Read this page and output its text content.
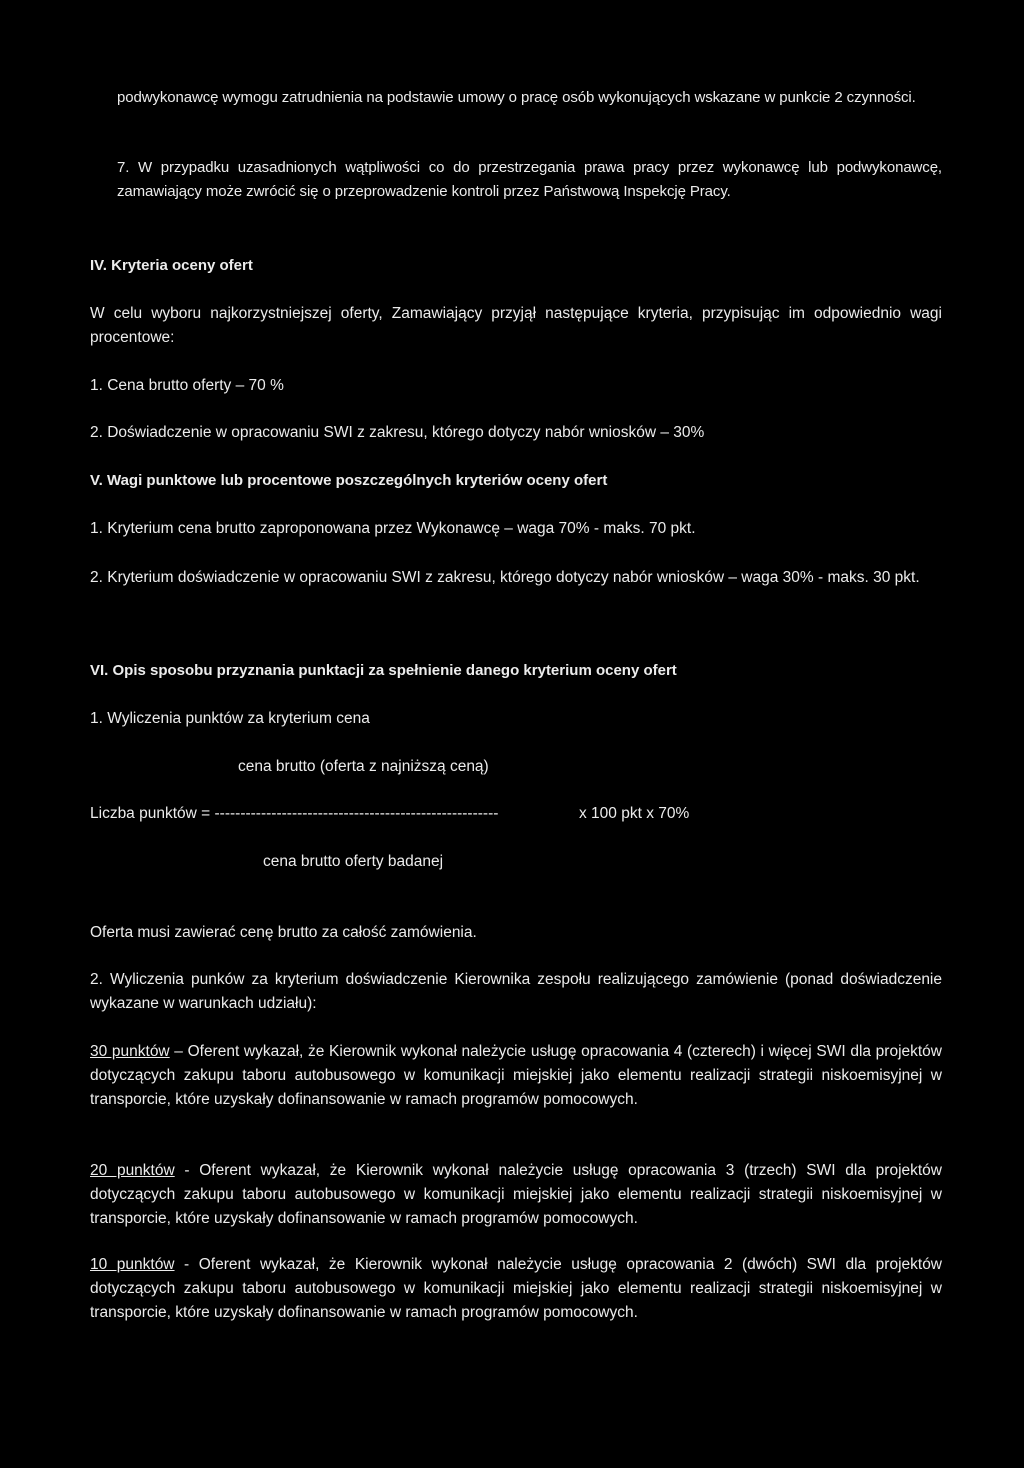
podwykonawcę wymogu zatrudnienia na podstawie umowy o pracę osób wykonujących wskazane w punkcie 2 czynności.

7. W przypadku uzasadnionych wątpliwości co do przestrzegania prawa pracy przez wykonawcę lub podwykonawcę, zamawiający może zwrócić się o przeprowadzenie kontroli przez Państwową Inspekcję Pracy.

IV. Kryteria oceny ofert

W celu wyboru najkorzystniejszej oferty, Zamawiający przyjął następujące kryteria, przypisując im odpowiednio wagi procentowe:

1. Cena brutto oferty – 70 %

2. Doświadczenie w opracowaniu SWI z zakresu, którego dotyczy nabór wniosków – 30%

V. Wagi punktowe lub procentowe poszczególnych kryteriów oceny ofert

1. Kryterium cena brutto zaproponowana przez Wykonawcę – waga 70% - maks. 70 pkt.

2. Kryterium doświadczenie w opracowaniu SWI z zakresu, którego dotyczy nabór wniosków – waga 30% - maks. 30 pkt.

VI. Opis sposobu przyznania punktacji za spełnienie danego kryterium oceny ofert

1. Wyliczenia punktów za kryterium cena

cena brutto (oferta z najniższą ceną)

Liczba punktów = -------------------------------------------------------	x 100 pkt x 70%

cena brutto oferty badanej

Oferta musi zawierać cenę brutto za całość zamówienia.

2. Wyliczenia punków za kryterium doświadczenie Kierownika zespołu realizującego zamówienie (ponad doświadczenie wykazane w warunkach udziału):

30 punktów – Oferent wykazał, że Kierownik wykonał należycie usługę opracowania 4 (czterech) i więcej SWI dla projektów dotyczących zakupu taboru autobusowego w komunikacji miejskiej jako elementu realizacji strategii niskoemisyjnej w transporcie, które uzyskały dofinansowanie w ramach programów pomocowych.

20 punktów - Oferent wykazał, że Kierownik wykonał należycie usługę opracowania 3 (trzech) SWI dla projektów dotyczących zakupu taboru autobusowego w komunikacji miejskiej jako elementu realizacji strategii niskoemisyjnej w transporcie, które uzyskały dofinansowanie w ramach programów pomocowych.

10 punktów - Oferent wykazał, że Kierownik wykonał należycie usługę opracowania 2 (dwóch) SWI dla projektów dotyczących zakupu taboru autobusowego w komunikacji miejskiej jako elementu realizacji strategii niskoemisyjnej w transporcie, które uzyskały dofinansowanie w ramach programów pomocowych.
